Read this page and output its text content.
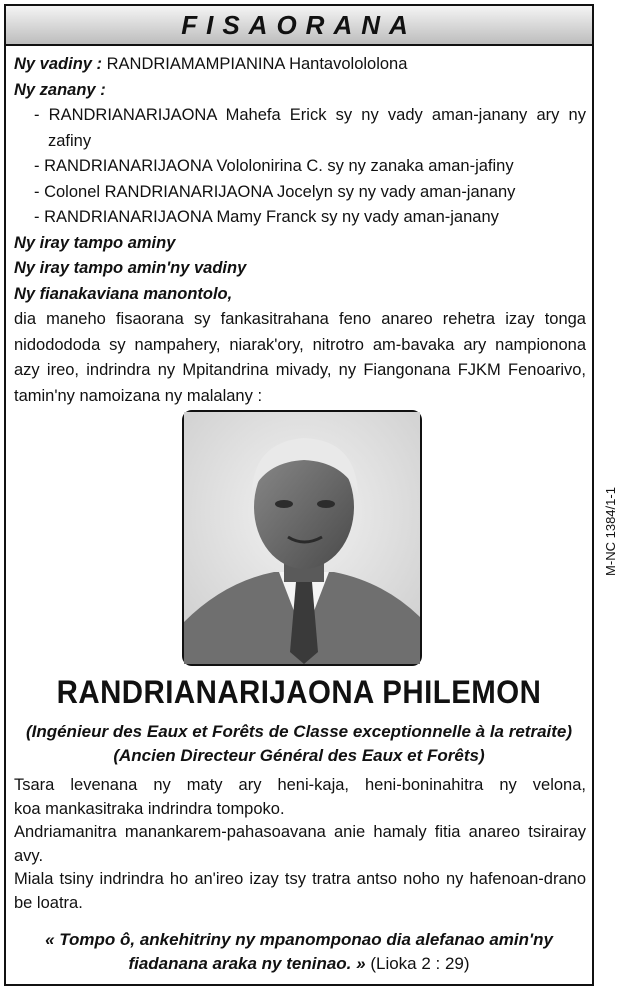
FISAORANA
Ny vadiny : RANDRIAMAMPIANINA Hantavolololona
Ny zanany :
- RANDRIANARIJAONA Mahefa Erick sy ny vady aman-janany ary ny
zafiny
- RANDRIANARIJAONA Vololonirina C. sy ny zanaka aman-jafiny
- Colonel RANDRIANARIJAONA Jocelyn sy ny vady aman-janany
- RANDRIANARIJAONA Mamy Franck sy ny vady aman-janany
Ny iray tampo aminy
Ny iray tampo amin'ny vadiny
Ny fianakaviana manontolo,
dia maneho fisaorana sy fankasitrahana feno anareo rehetra izay tonga
nidodododa sy nampahery, niarak'ory, nitrotro am-bavaka ary nampionona
azy ireo, indrindra ny Mpitandrina mivady, ny Fiangonana FJKM Fenoarivo,
tamin'ny namoizana ny malalany :
M-NC 1384/1-1
RANDRIANARIJAONA PHILEMON
(Ingénieur des Eaux et Forêts de Classe exceptionnelle à la retraite)
(Ancien Directeur Général des Eaux et Forêts)
Tsara levenana ny maty ary heni-kaja, heni-boninahitra ny velona,
koa mankasitraka indrindra tompoko.
Andriamanitra manankarem-pahasoavana anie hamaly fitia anareo tsirairay
avy.
Miala tsiny indrindra ho an'ireo izay tsy tratra antso noho ny hafenoan-drano
be loatra.
« Tompo ô, ankehitriny ny mpanomponao dia alefanao amin'ny
fiadanana araka ny teninao. » (Lioka 2 : 29)
